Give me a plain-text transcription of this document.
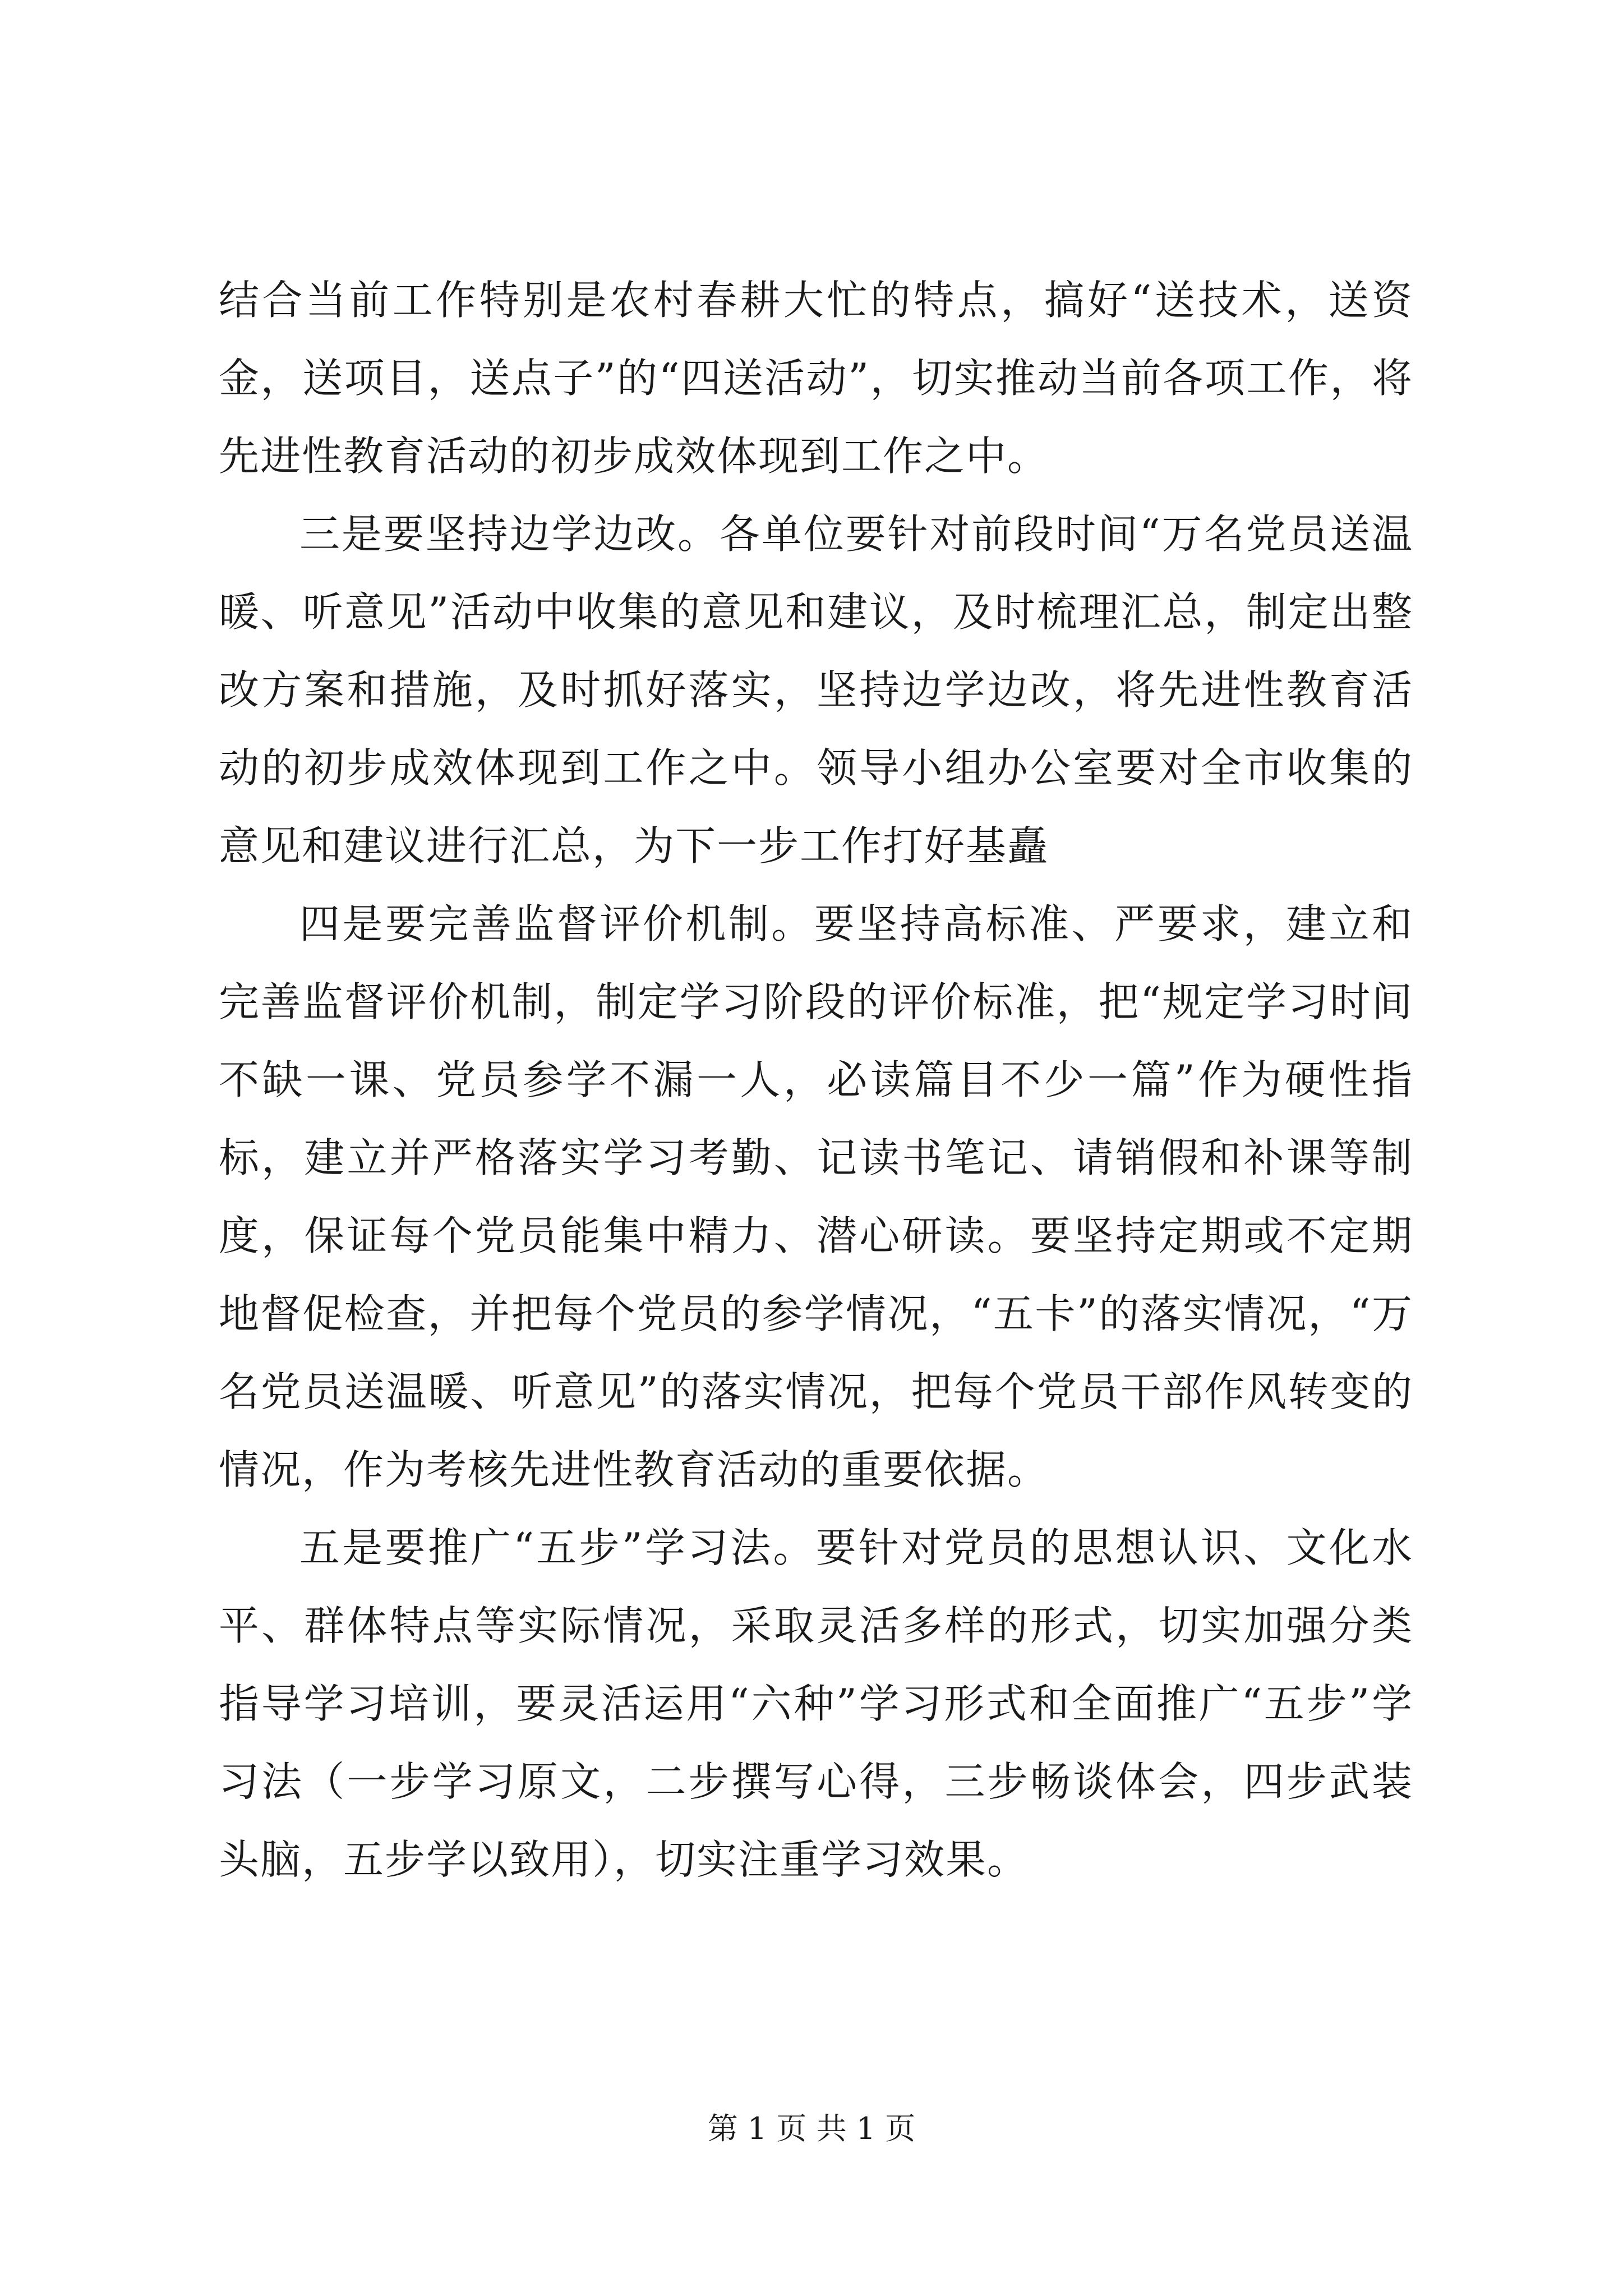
结合当前工作特别是农村春耕大忙的特点，搞好“送技术，送资金，送项目，送点子”的“四送活动”，切实推动当前各项工作，将先进性教育活动的初步成效体现到工作之中。

三是要坚持边学边改。各单位要针对前段时间“万名党员送温暖、听意见”活动中收集的意见和建议，及时梳理汇总，制定出整改方案和措施，及时抓好落实，坚持边学边改，将先进性教育活动的初步成效体现到工作之中。领导小组办公室要对全市收集的意见和建议进行汇总，为下一步工作打好基矗

四是要完善监督评价机制。要坚持高标准、严要求，建立和完善监督评价机制，制定学习阶段的评价标准，把“规定学习时间不缺一课、党员参学不漏一人，必读篇目不少一篇”作为硬性指标，建立并严格落实学习考勤、记读书笔记、请销假和补课等制度，保证每个党员能集中精力、潜心研读。要坚持定期或不定期地督促检查，并把每个党员的参学情况，“五卡”的落实情况，“万名党员送温暖、听意见”的落实情况，把每个党员干部作风转变的情况，作为考核先进性教育活动的重要依据。

五是要推广“五步”学习法。要针对党员的思想认识、文化水平、群体特点等实际情况，采取灵活多样的形式，切实加强分类指导学习培训，要灵活运用“六种”学习形式和全面推广“五步”学习法（一步学习原文，二步撰写心得，三步畅谈体会，四步武装头脑，五步学以致用），切实注重学习效果。

第 1 页 共 1 页
